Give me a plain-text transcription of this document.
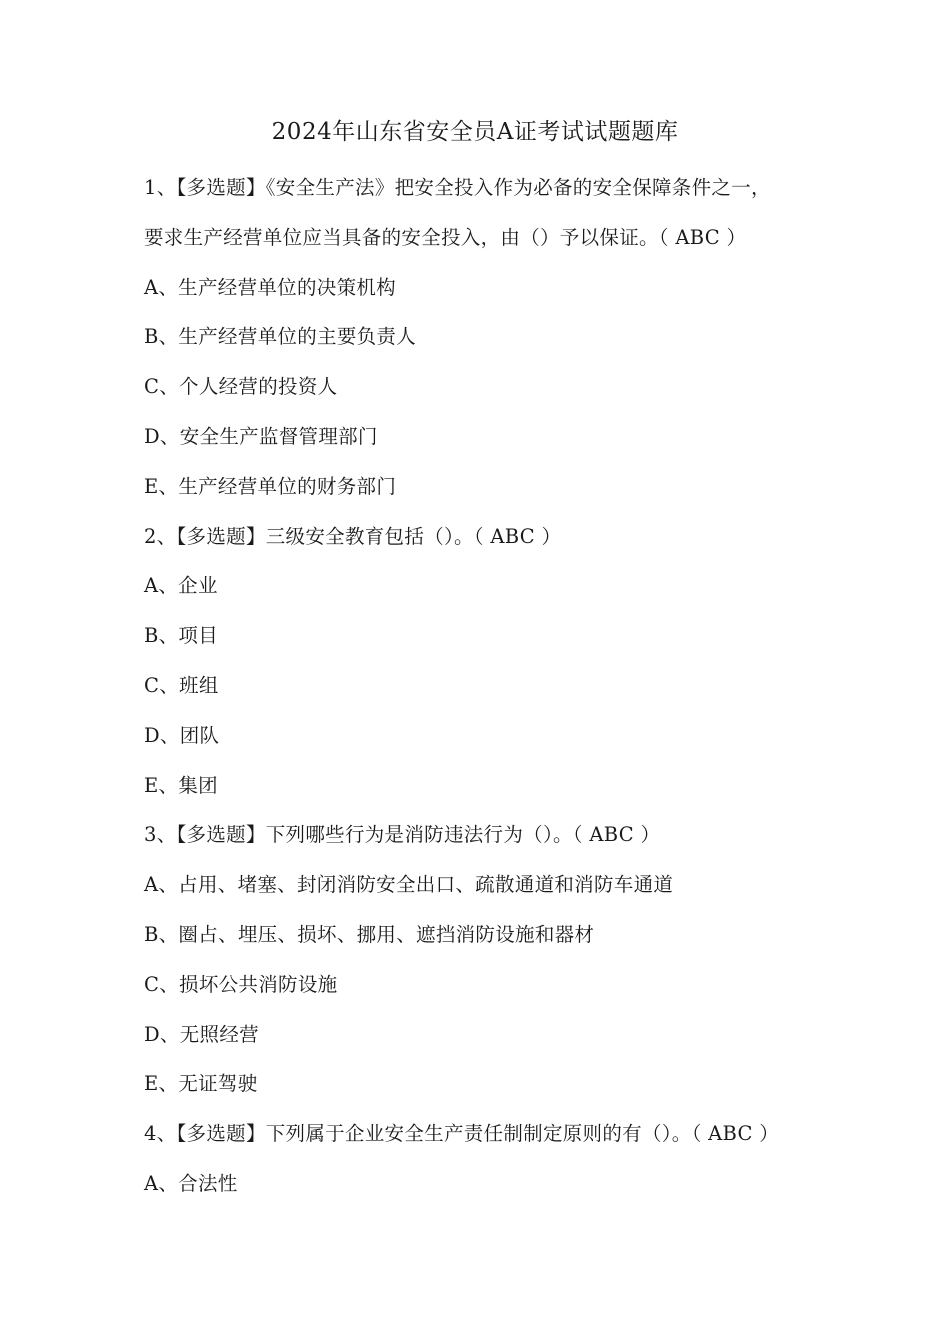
2024年山东省安全员A证考试试题题库
1、【多选题】《安全生产法》把安全投入作为必备的安全保障条件之一，
要求生产经营单位应当具备的安全投入，由（）予以保证。（ ABC ）
A、生产经营单位的决策机构
B、生产经营单位的主要负责人
C、个人经营的投资人
D、安全生产监督管理部门
E、生产经营单位的财务部门
2、【多选题】三级安全教育包括（）。（ ABC ）
A、企业
B、项目
C、班组
D、团队
E、集团
3、【多选题】下列哪些行为是消防违法行为（）。（ ABC ）
A、占用、堵塞、封闭消防安全出口、疏散通道和消防车通道
B、圈占、埋压、损坏、挪用、遮挡消防设施和器材
C、损坏公共消防设施
D、无照经营
E、无证驾驶
4、【多选题】下列属于企业安全生产责任制制定原则的有（）。（ ABC ）
A、合法性
